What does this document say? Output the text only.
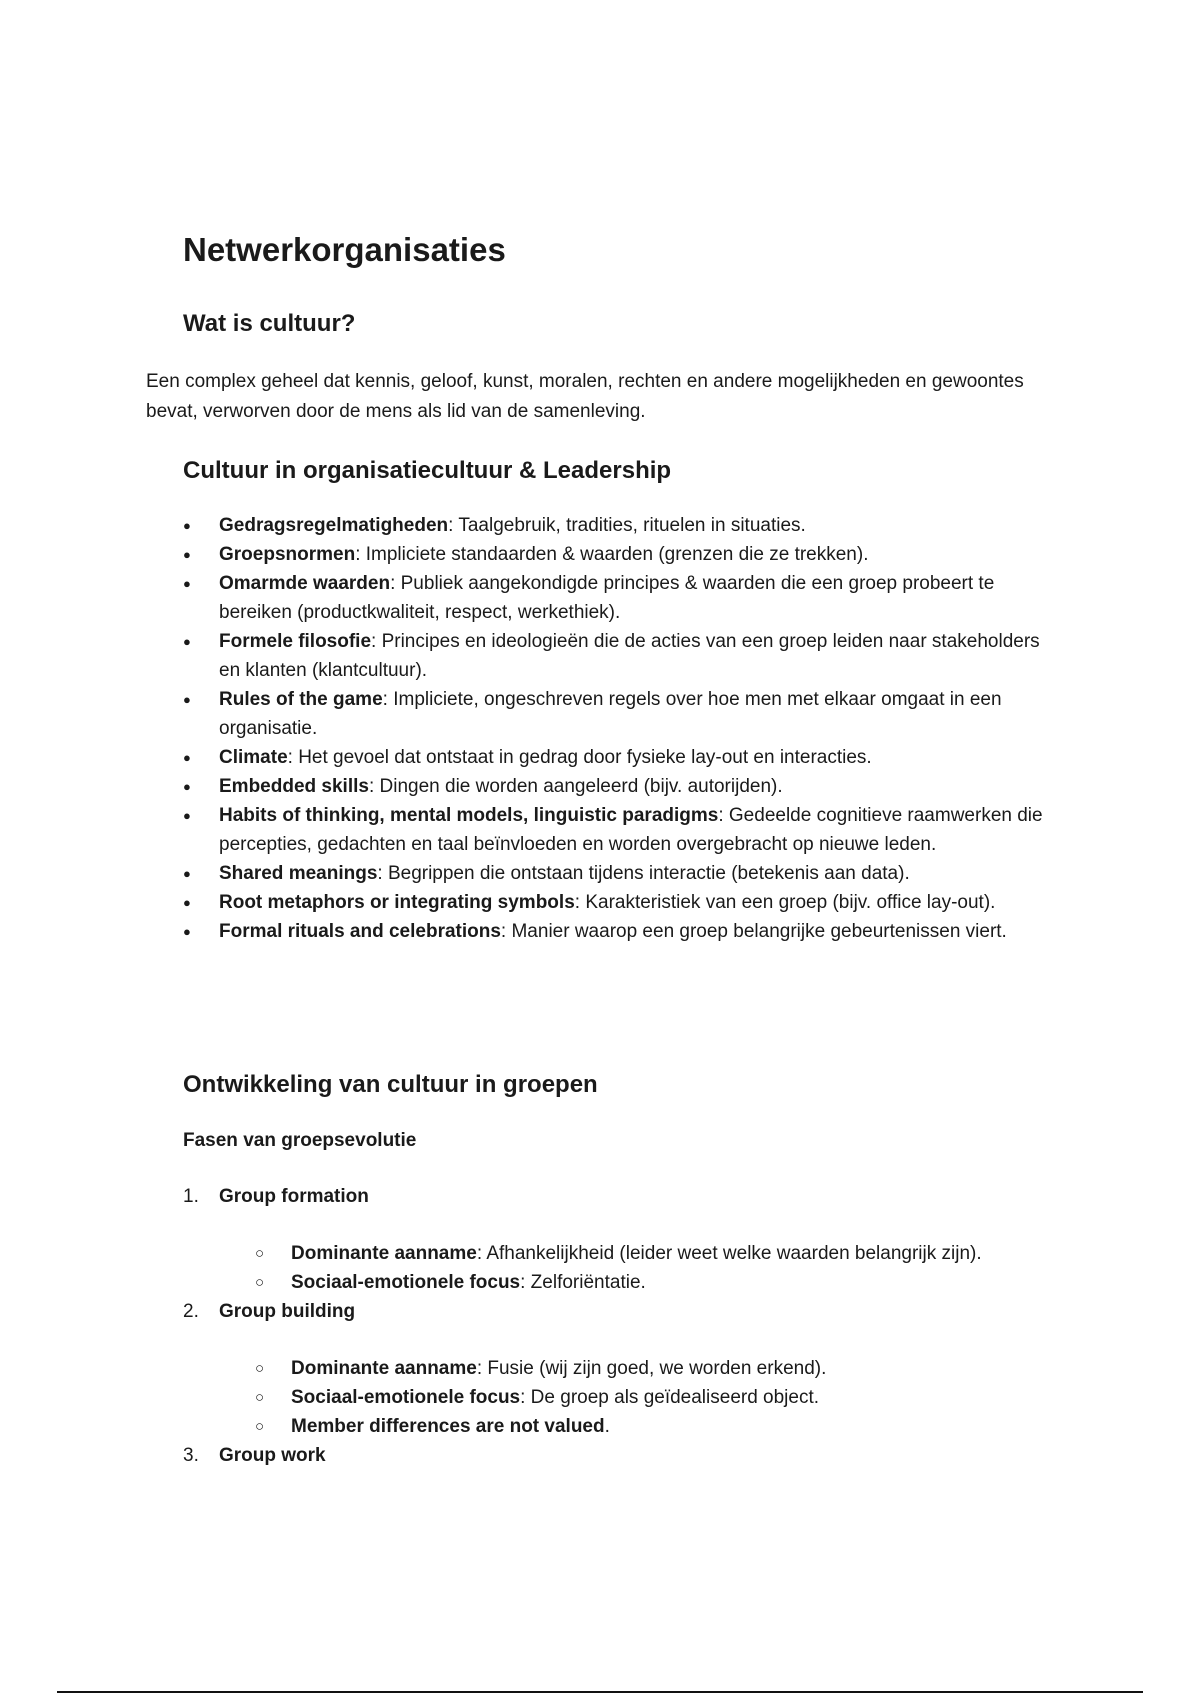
Netwerkorganisaties
Wat is cultuur?

Een complex geheel dat kennis, geloof, kunst, moralen, rechten en andere mogelijkheden en gewoontes bevat, verworven door de mens als lid van de samenleving.

Cultuur in organisatiecultuur & Leadership
● Gedragsregelmatigheden: Taalgebruik, tradities, rituelen in situaties.
● Groepsnormen: Impliciete standaarden & waarden (grenzen die ze trekken).
● Omarmde waarden: Publiek aangekondigde principes & waarden die een groep probeert te bereiken (productkwaliteit, respect, werkethiek).
● Formele filosofie: Principes en ideologieën die de acties van een groep leiden naar stakeholders en klanten (klantcultuur).
● Rules of the game: Impliciete, ongeschreven regels over hoe men met elkaar omgaat in een organisatie.
● Climate: Het gevoel dat ontstaat in gedrag door fysieke lay-out en interacties.
● Embedded skills: Dingen die worden aangeleerd (bijv. autorijden).
● Habits of thinking, mental models, linguistic paradigms: Gedeelde cognitieve raamwerken die percepties, gedachten en taal beïnvloeden en worden overgebracht op nieuwe leden.
● Shared meanings: Begrippen die ontstaan tijdens interactie (betekenis aan data).
● Root metaphors or integrating symbols: Karakteristiek van een groep (bijv. office lay-out).
● Formal rituals and celebrations: Manier waarop een groep belangrijke gebeurtenissen viert.
Ontwikkeling van cultuur in groepen
Fasen van groepsevolutie
1. Group formation
○ Dominante aanname: Afhankelijkheid (leider weet welke waarden belangrijk zijn).
○ Sociaal-emotionele focus: Zelforiëntatie.
2. Group building
○ Dominante aanname: Fusie (wij zijn goed, we worden erkend).
○ Sociaal-emotionele focus: De groep als geïdealiseerd object.
○ Member differences are not valued.
3. Group work
